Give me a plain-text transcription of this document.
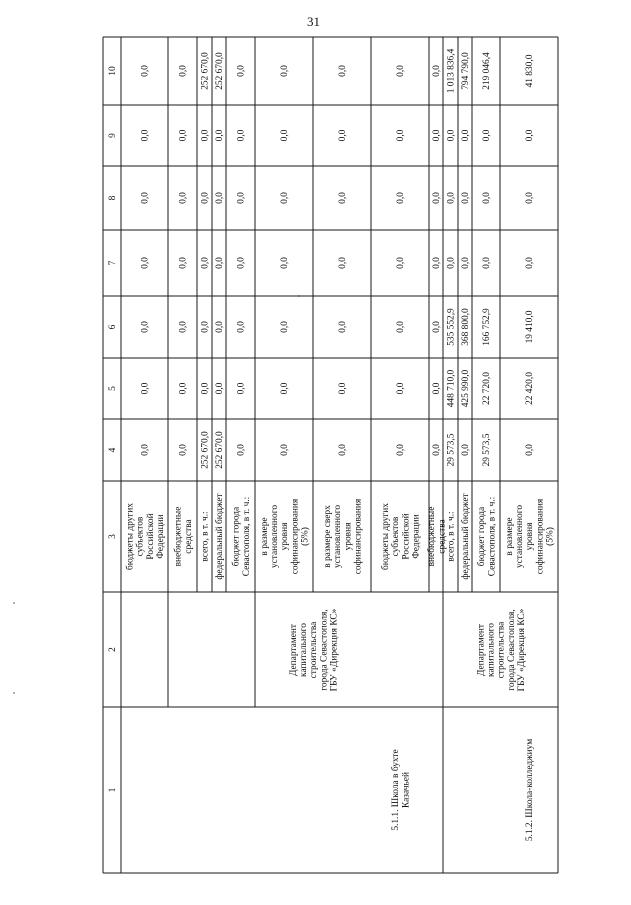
31
1
2
3
4
5
6
7
8
9
10
бюджеты других субъектов Российской Федерации
0,0
0,0
0,0
0,0
0,0
0,0
0,0
внебюджетные средства
0,0
0,0
0,0
0,0
0,0
0,0
0,0
всего, в т. ч.:
252 670,0
0,0
0,0
0,0
0,0
0,0
252 670,0
федеральный бюджет
252 670,0
0,0
0,0
0,0
0,0
0,0
252 670,0
бюджет города Севастополя, в т. ч.:
0,0
0,0
0,0
0,0
0,0
0,0
0,0
в размере установленного уровня софинансирования (5%)
0,0
0,0
0,0
0,0
0,0
0,0
0,0
в размере сверх установленного уровня софинансирования
0,0
0,0
0,0
0,0
0,0
0,0
0,0
бюджеты других субъектов Российской Федерации
0,0
0,0
0,0
0,0
0,0
0,0
0,0
внебюджетные средства
0,0
0,0
0,0
0,0
0,0
0,0
0,0
всего, в т. ч.:
29 573,5
448 710,0
535 552,9
0,0
0,0
0,0
1 013 836,4
федеральный бюджет
0,0
425 990,0
368 800,0
0,0
0,0
0,0
794 790,0
бюджет города Севастополя, в т. ч.:
29 573,5
22 720,0
166 752,9
0,0
0,0
0,0
219 046,4
в размере установленного уровня софинансирования (5%)
0,0
22 420,0
19 410,0
0,0
0,0
0,0
41 830,0
5.1.1. Школа в бухте Казачьей
Департамент капитального строительства города Севастополя, ГБУ «Дирекция КС»
5.1.2. Школа-колледжиум
Департамент капитального строительства города Севастополя, ГБУ «Дирекция КС»
